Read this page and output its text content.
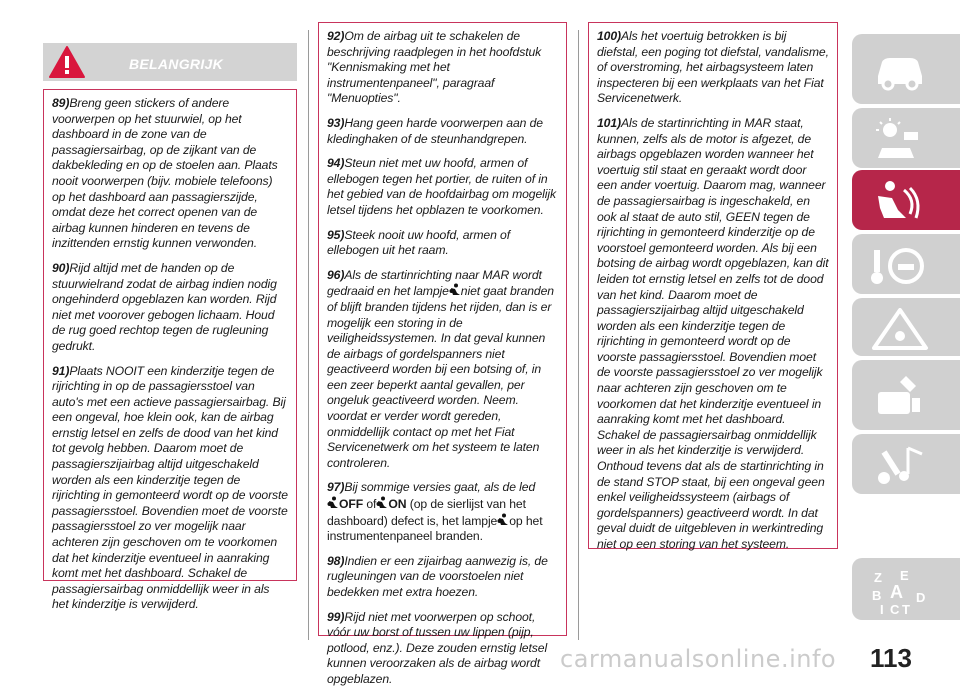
BELANGRIJK

89)Breng geen stickers of andere voorwerpen op het stuurwiel, op het dashboard in de zone van de passagiersairbag, op de zijkant van de dakbekleding en op de stoelen aan. Plaats nooit voorwerpen (bijv. mobiele telefoons) op het dashboard aan passagierszijde, omdat deze het correct openen van de airbag kunnen hinderen en tevens de inzittenden ernstig kunnen verwonden.

90)Rijd altijd met de handen op de stuurwielrand zodat de airbag indien nodig ongehinderd opgeblazen kan worden. Rijd niet met voorover gebogen lichaam. Houd de rug goed rechtop tegen de rugleuning gedrukt.

91)Plaats NOOIT een kinderzitje tegen de rijrichting in op de passagiersstoel van auto's met een actieve passagiersairbag. Bij een ongeval, hoe klein ook, kan de airbag ernstig letsel en zelfs de dood van het kind tot gevolg hebben. Daarom moet de passagierszijairbag altijd uitgeschakeld worden als een kinderzitje tegen de rijrichting in gemonteerd wordt op de voorste passagiersstoel. Bovendien moet de voorste passagiersstoel zo ver mogelijk naar achteren zijn geschoven om te voorkomen dat het kinderzitje eventueel in aanraking komt met het dashboard. Schakel de passagiersairbag onmiddellijk weer in als het kinderzitje is verwijderd.

92)Om de airbag uit te schakelen de beschrijving raadplegen in het hoofdstuk "Kennismaking met het instrumentenpaneel", paragraaf "Menuopties".

93)Hang geen harde voorwerpen aan de kledinghaken of de steunhandgrepen.

94)Steun niet met uw hoofd, armen of ellebogen tegen het portier, de ruiten of in het gebied van de hoofdairbag om mogelijk letsel tijdens het opblazen te voorkomen.

95)Steek nooit uw hoofd, armen of ellebogen uit het raam.

96)Als de startinrichting naar MAR wordt gedraaid en het lampje niet gaat branden of blijft branden tijdens het rijden, dan is er mogelijk een storing in de veiligheidssystemen. In dat geval kunnen de airbags of gordelspanners niet geactiveerd worden bij een botsing of, in een zeer beperkt aantal gevallen, per ongeluk geactiveerd worden. Neem. voordat er verder wordt gereden, onmiddellijk contact op met het Fiat Servicenetwerk om het systeem te laten controleren.

97)Bij sommige versies gaat, als de led
OFF of ON (op de sierlijst van het dashboard) defect is, het lampje op het instrumentenpaneel branden.

98)Indien er een zijairbag aanwezig is, de rugleuningen van de voorstoelen niet bedekken met extra hoezen.

99)Rijd niet met voorwerpen op schoot, vóór uw borst of tussen uw lippen (pijp, potlood, enz.). Deze zouden ernstig letsel kunnen veroorzaken als de airbag wordt opgeblazen.

100)Als het voertuig betrokken is bij diefstal, een poging tot diefstal, vandalisme, of overstroming, het airbagsysteem laten inspecteren bij een werkplaats van het Fiat Servicenetwerk.

101)Als de startinrichting in MAR staat, kunnen, zelfs als de motor is afgezet, de airbags opgeblazen worden wanneer het voertuig stil staat en geraakt wordt door een ander voertuig. Daarom mag, wanneer de passagiersairbag is ingeschakeld, en ook al staat de auto stil, GEEN tegen de rijrichting in gemonteerd kinderzitje op de voorstoel gemonteerd worden. Als bij een botsing de airbag wordt opgeblazen, kan dit leiden tot ernstig letsel en zelfs tot de dood van het kind. Daarom moet de passagierszijairbag altijd uitgeschakeld worden als een kinderzitje tegen de rijrichting in gemonteerd wordt op de voorste passagiersstoel. Bovendien moet de voorste passagiersstoel zo ver mogelijk naar achteren zijn geschoven om te voorkomen dat het kinderzitje eventueel in aanraking komt met het dashboard. Schakel de passagiersairbag onmiddellijk weer in als het kinderzitje is verwijderd. Onthoud tevens dat als de startinrichting in de stand STOP staat, bij een ongeval geen enkel veiligheidssysteem (airbags of gordelspanners) geactiveerd wordt. In dat geval duidt de uitgebleven in werkintreding niet op een storing van het systeem.

Z E
B A D
I C T
carmanualsonline.info 113
